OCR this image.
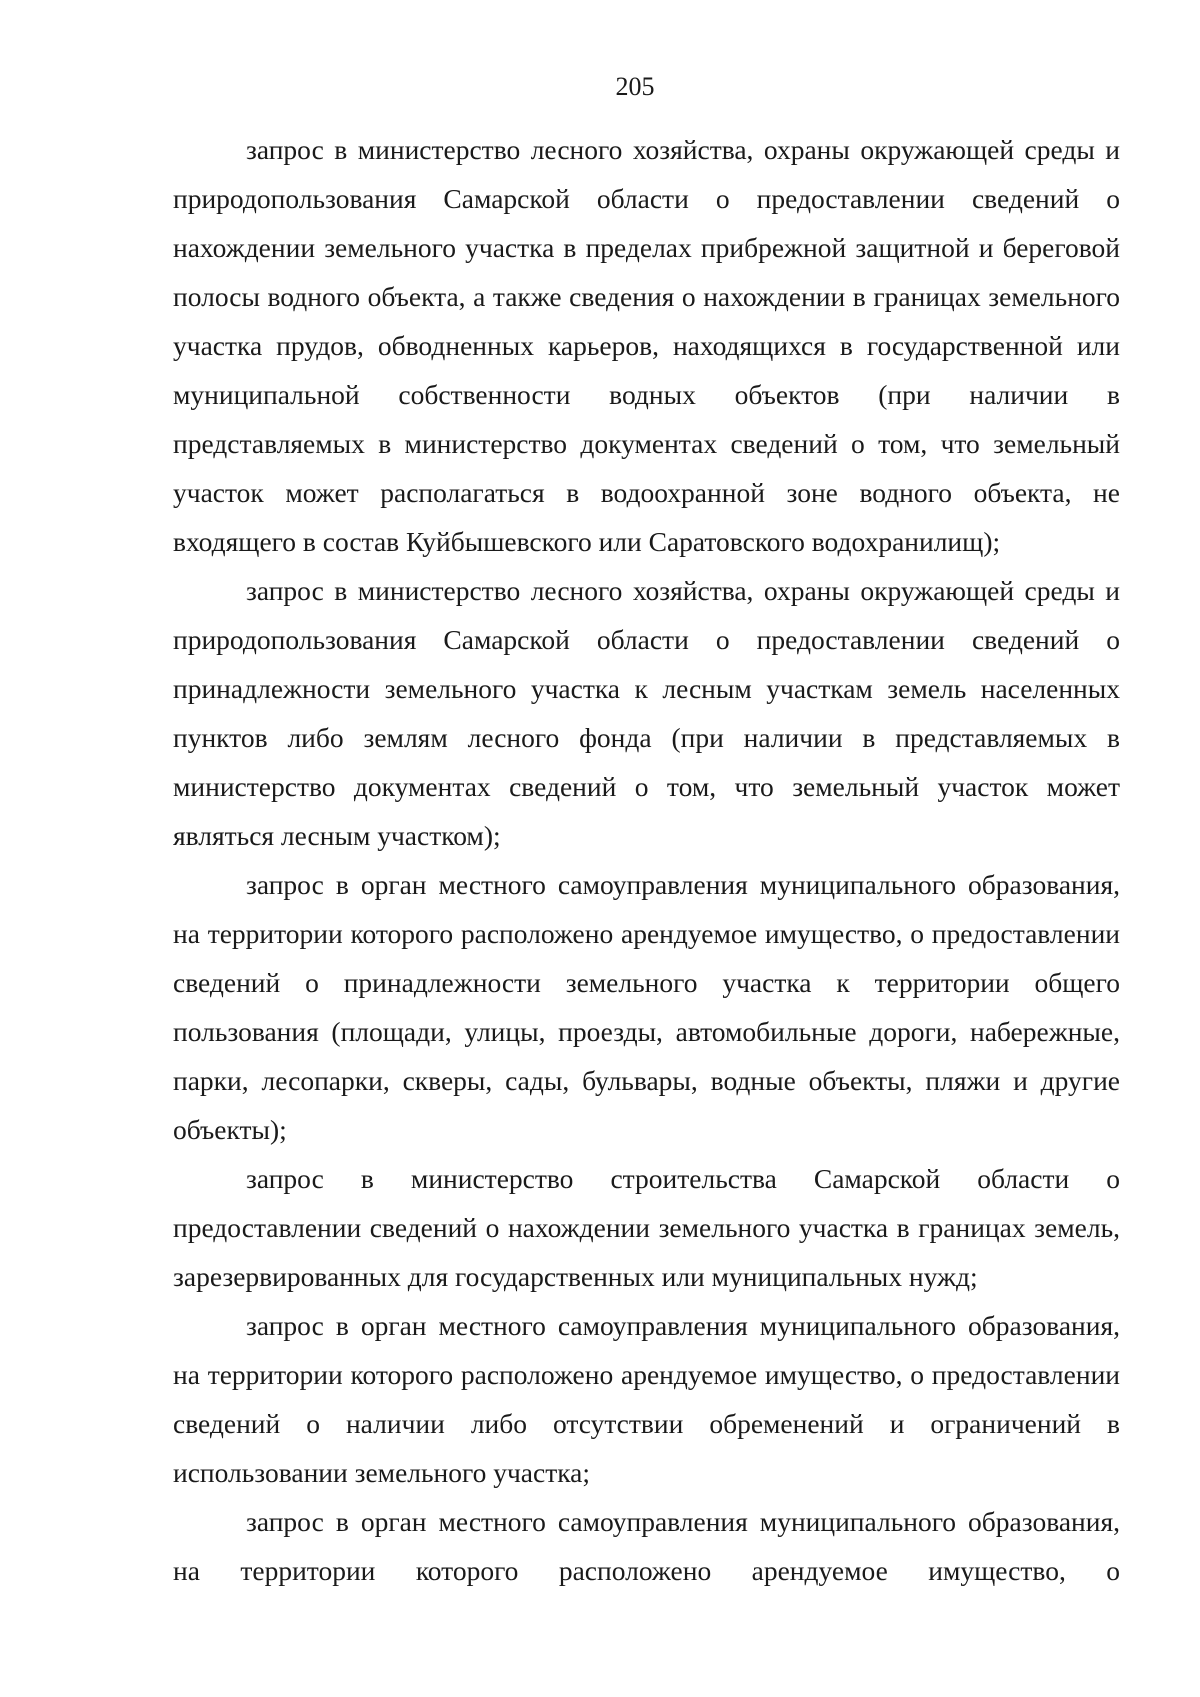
205

запрос в министерство лесного хозяйства, охраны окружающей среды и природопользования Самарской области о предоставлении сведений о нахождении земельного участка в пределах прибрежной защитной и береговой полосы водного объекта, а также сведения о нахождении в границах земельного участка прудов, обводненных карьеров, находящихся в государственной или муниципальной собственности водных объектов (при наличии в представляемых в министерство документах сведений о том, что земельный участок может располагаться в водоохранной зоне водного объекта, не входящего в состав Куйбышевского или Саратовского водохранилищ);

запрос в министерство лесного хозяйства, охраны окружающей среды и природопользования Самарской области о предоставлении сведений о принадлежности земельного участка к лесным участкам земель населенных пунктов либо землям лесного фонда (при наличии в представляемых в министерство документах сведений о том, что земельный участок может являться лесным участком);

запрос в орган местного самоуправления муниципального образования, на территории которого расположено арендуемое имущество, о предоставлении сведений о принадлежности земельного участка к территории общего пользования (площади, улицы, проезды, автомобильные дороги, набережные, парки, лесопарки, скверы, сады, бульвары, водные объекты, пляжи и другие объекты);

запрос в министерство строительства Самарской области о предоставлении сведений о нахождении земельного участка в границах земель, зарезервированных для государственных или муниципальных нужд;

запрос в орган местного самоуправления муниципального образования, на территории которого расположено арендуемое имущество, о предоставлении сведений о наличии либо отсутствии обременений и ограничений в использовании земельного участка;

запрос в орган местного самоуправления муниципального образования, на территории которого расположено арендуемое имущество, о
